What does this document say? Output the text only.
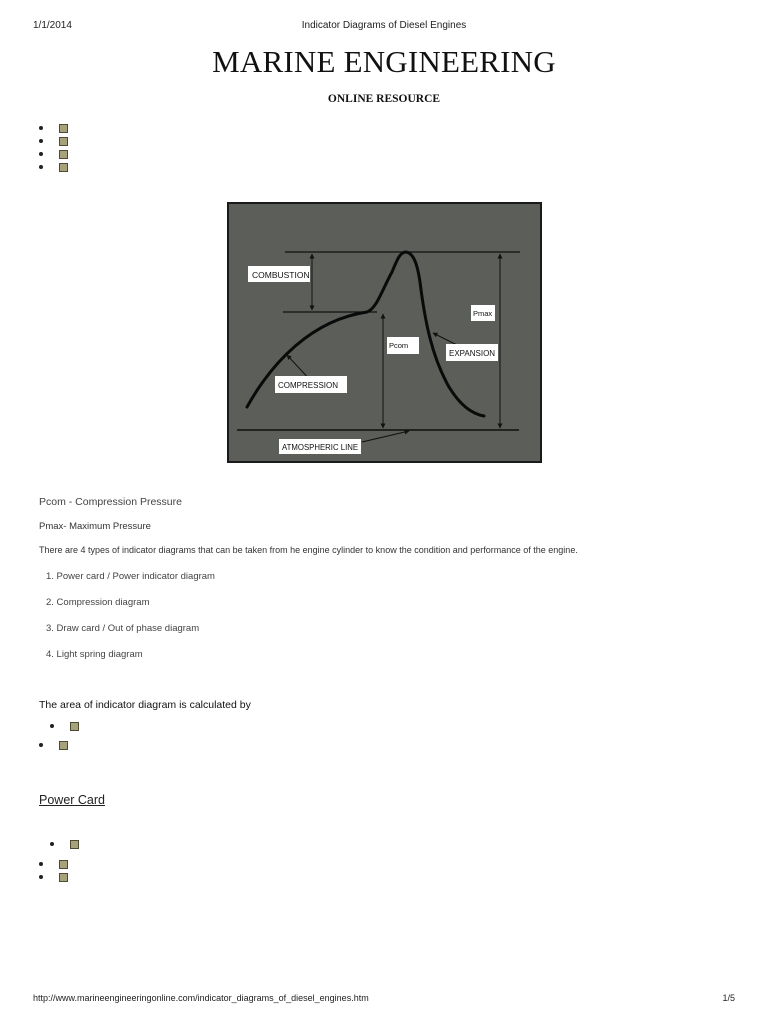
1/1/2014	Indicator Diagrams of Diesel Engines
MARINE ENGINEERING
ONLINE RESOURCE
COMBUSTION
Pmax
Pcom
EXPANSION
COMPRESSION
ATMOSPHERIC LINE
Pcom - Compression Pressure
Pmax- Maximum Pressure
There are 4 types of indicator diagrams that can be taken from he engine cylinder to know the condition and performance of the engine.
1. Power card / Power indicator diagram
2. Compression diagram
3. Draw card / Out of phase diagram
4. Light spring diagram
The area of indicator diagram is calculated by
Power Card
http://www.marineengineeringonline.com/indicator_diagrams_of_diesel_engines.htm	1/5
